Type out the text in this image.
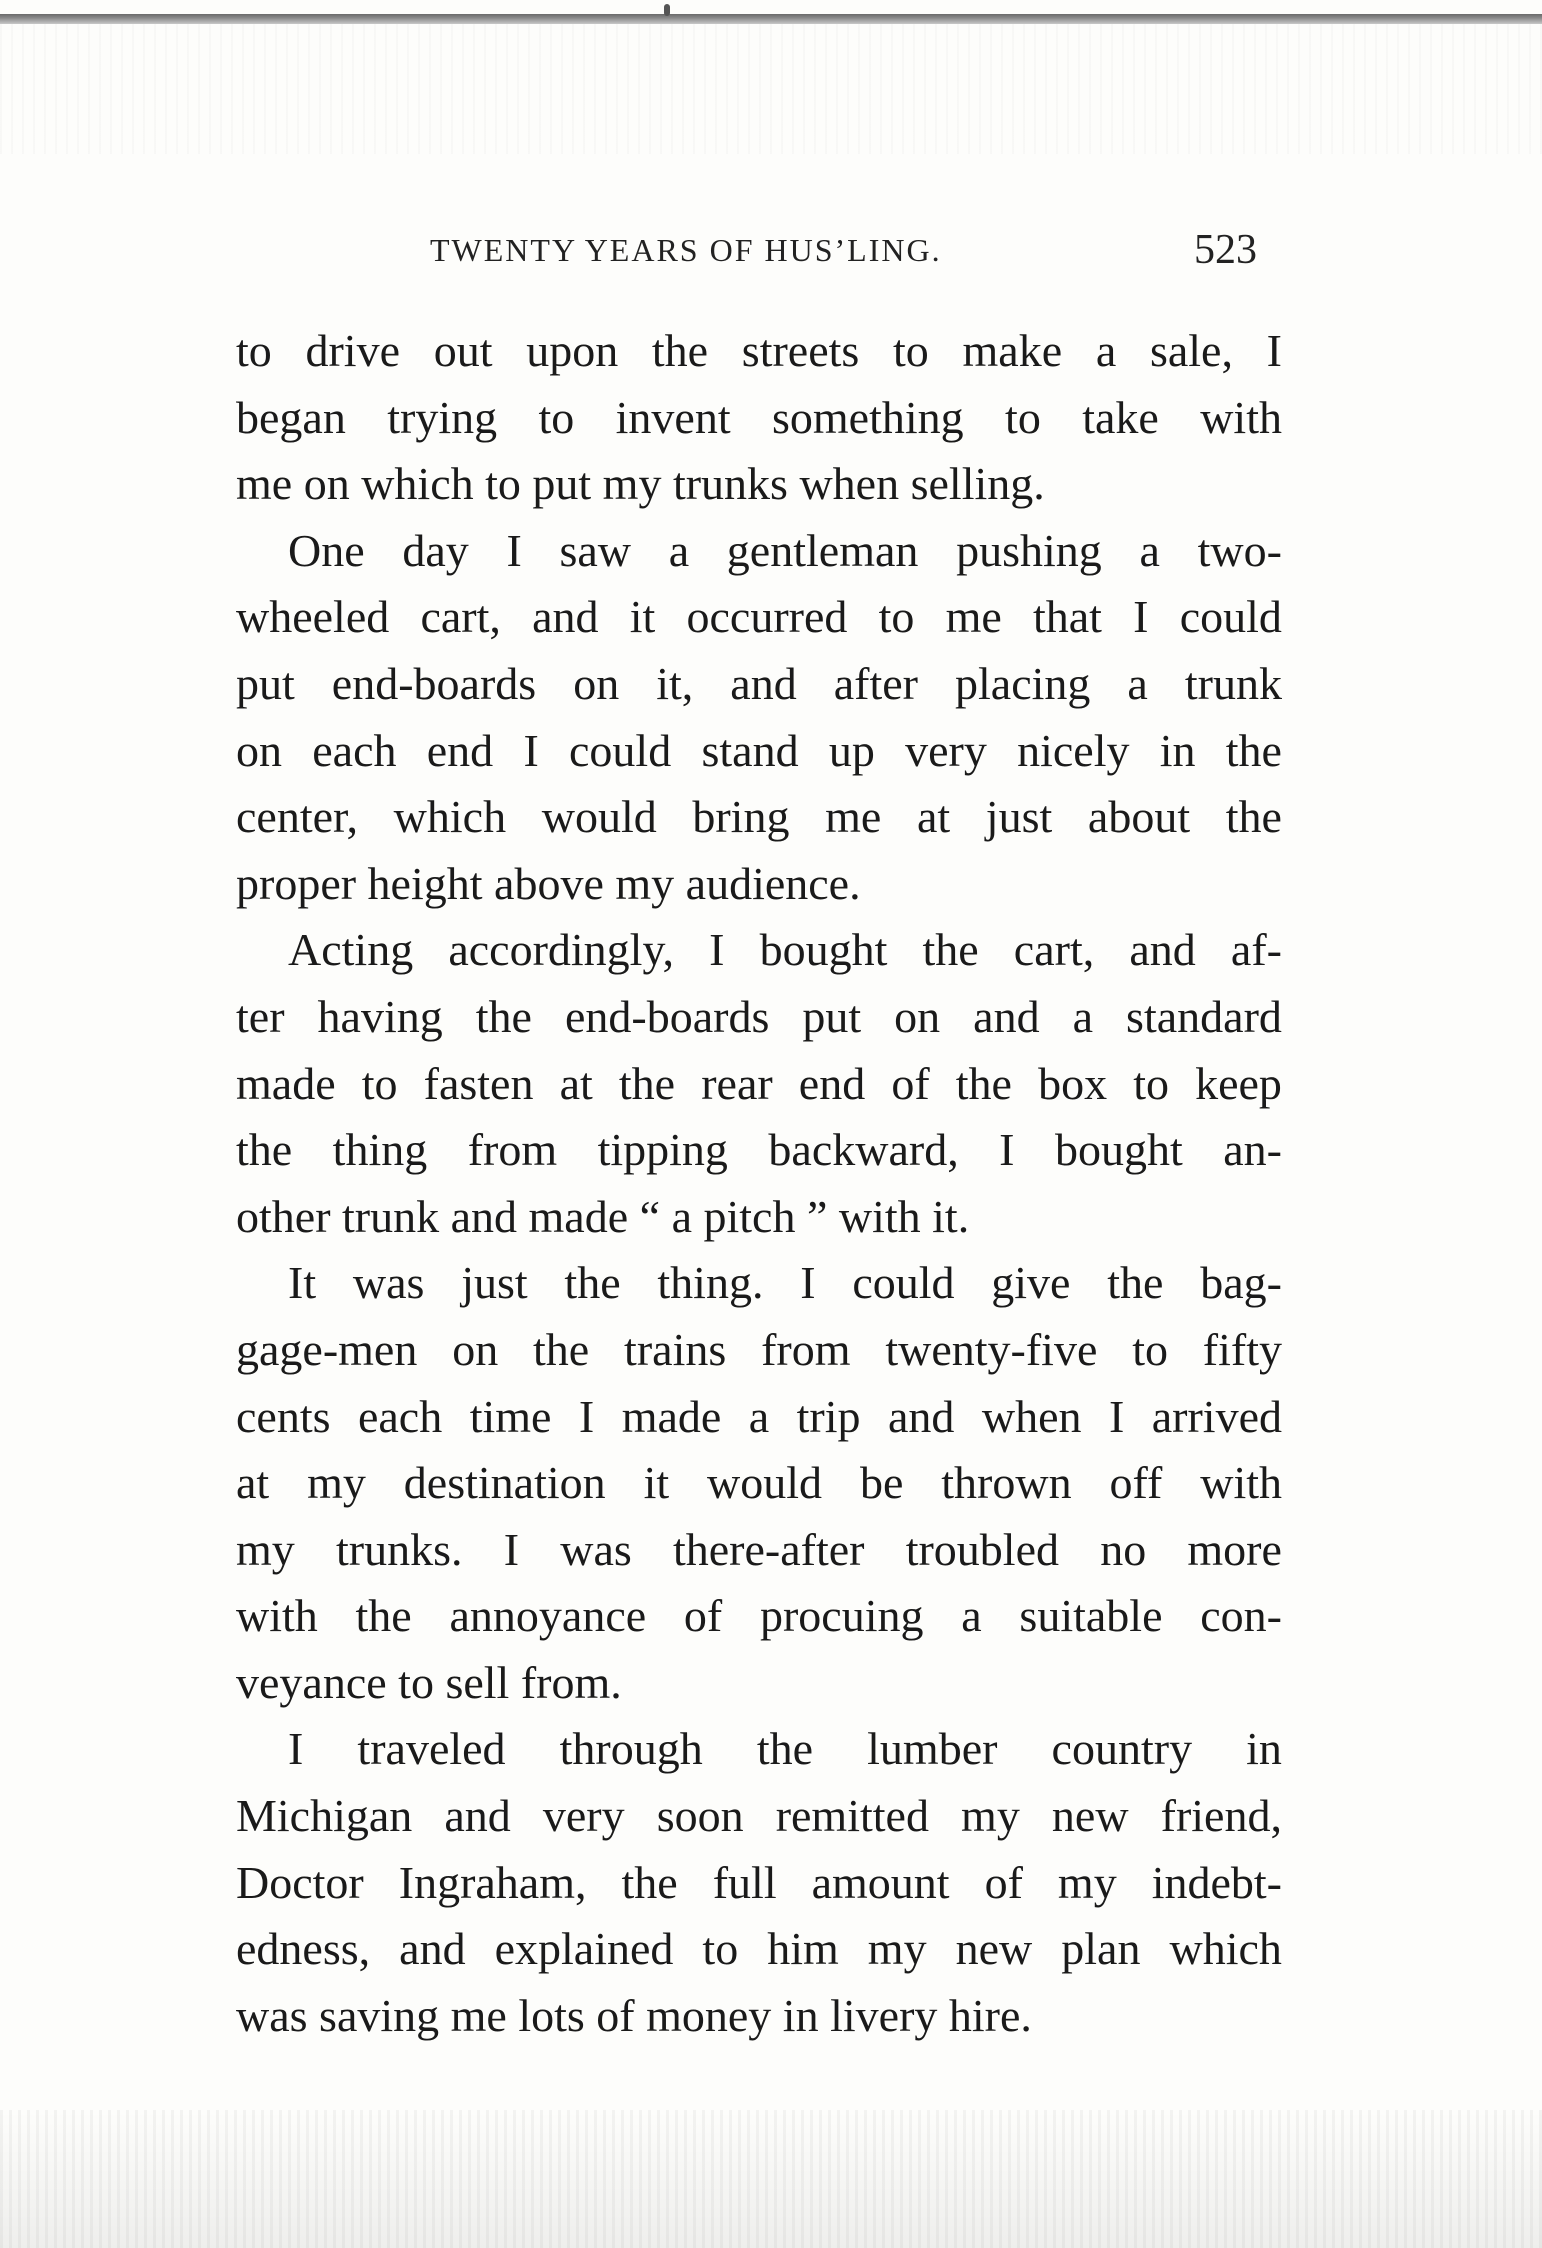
TWENTY YEARS OF HUS’LING.	523
to drive out upon the streets to make a sale, I
began trying to invent something to take with
me on which to put my trunks when selling.
One day I saw a gentleman pushing a two-
wheeled cart, and it occurred to me that I could
put end-boards on it, and after placing a trunk
on each end I could stand up very nicely in the
center, which would bring me at just about the
proper height above my audience.
Acting accordingly, I bought the cart, and af-
ter having the end-boards put on and a standard
made to fasten at the rear end of the box to keep
the thing from tipping backward, I bought an-
other trunk and made “ a pitch ” with it.
It was just the thing. I could give the bag-
gage-men on the trains from twenty-five to fifty
cents each time I made a trip and when I arrived
at my destination it would be thrown off with
my trunks. I was there-after troubled no more
with the annoyance of procuing a suitable con-
veyance to sell from.
I traveled through the lumber country in
Michigan and very soon remitted my new friend,
Doctor Ingraham, the full amount of my indebt-
edness, and explained to him my new plan which
was saving me lots of money in livery hire.
